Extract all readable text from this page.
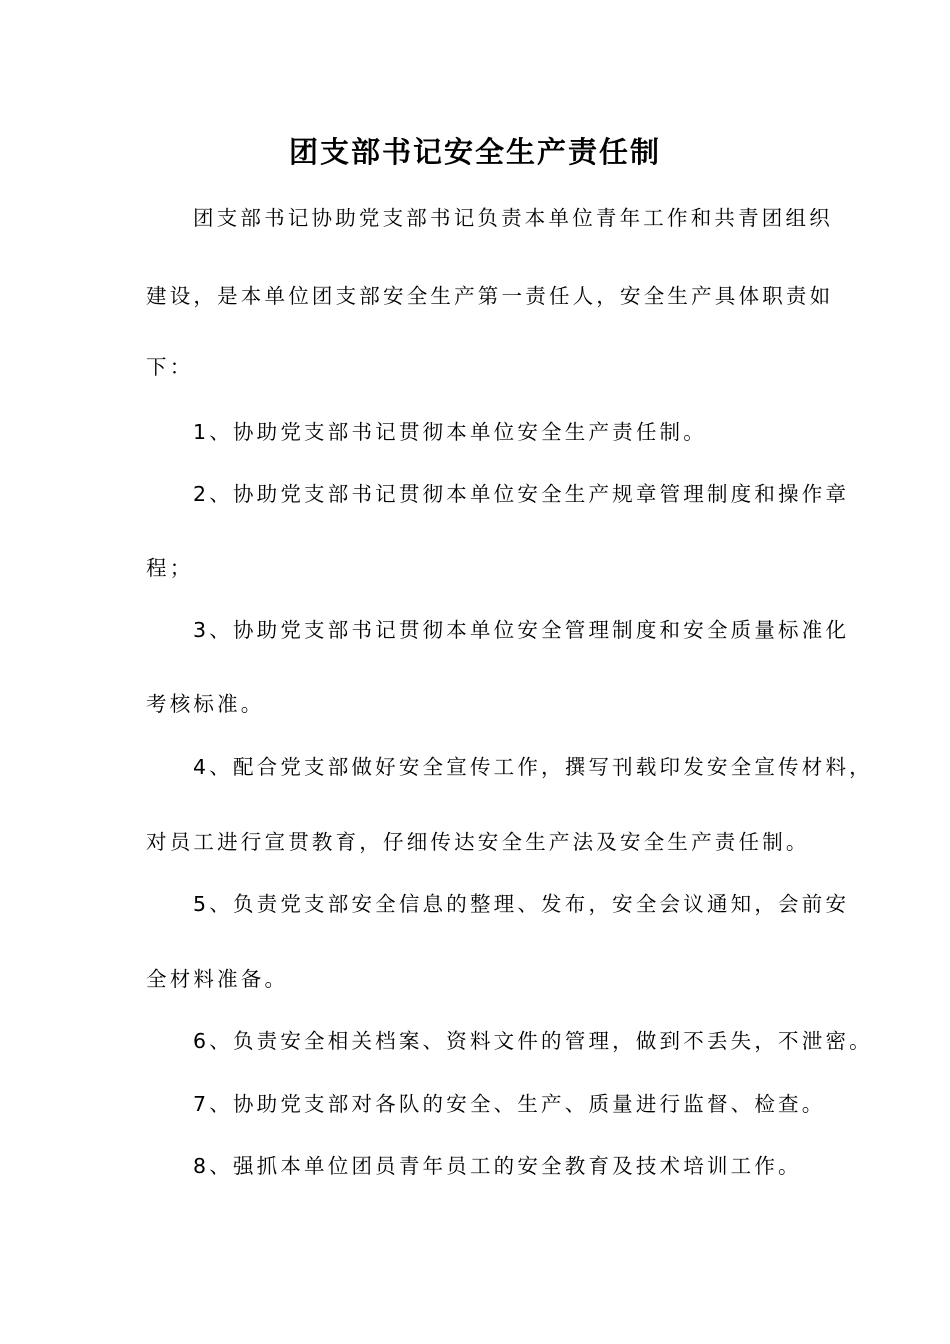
团支部书记安全生产责任制
团支部书记协助党支部书记负责本单位青年工作和共青团组织
建设，是本单位团支部安全生产第一责任人，安全生产具体职责如
下：
1、协助党支部书记贯彻本单位安全生产责任制。
2、协助党支部书记贯彻本单位安全生产规章管理制度和操作章
程；
3、协助党支部书记贯彻本单位安全管理制度和安全质量标准化
考核标准。
4、配合党支部做好安全宣传工作，撰写刊载印发安全宣传材料，
对员工进行宣贯教育，仔细传达安全生产法及安全生产责任制。
5、负责党支部安全信息的整理、发布，安全会议通知，会前安
全材料准备。
6、负责安全相关档案、资料文件的管理，做到不丢失，不泄密。
7、协助党支部对各队的安全、生产、质量进行监督、检查。
8、强抓本单位团员青年员工的安全教育及技术培训工作。
